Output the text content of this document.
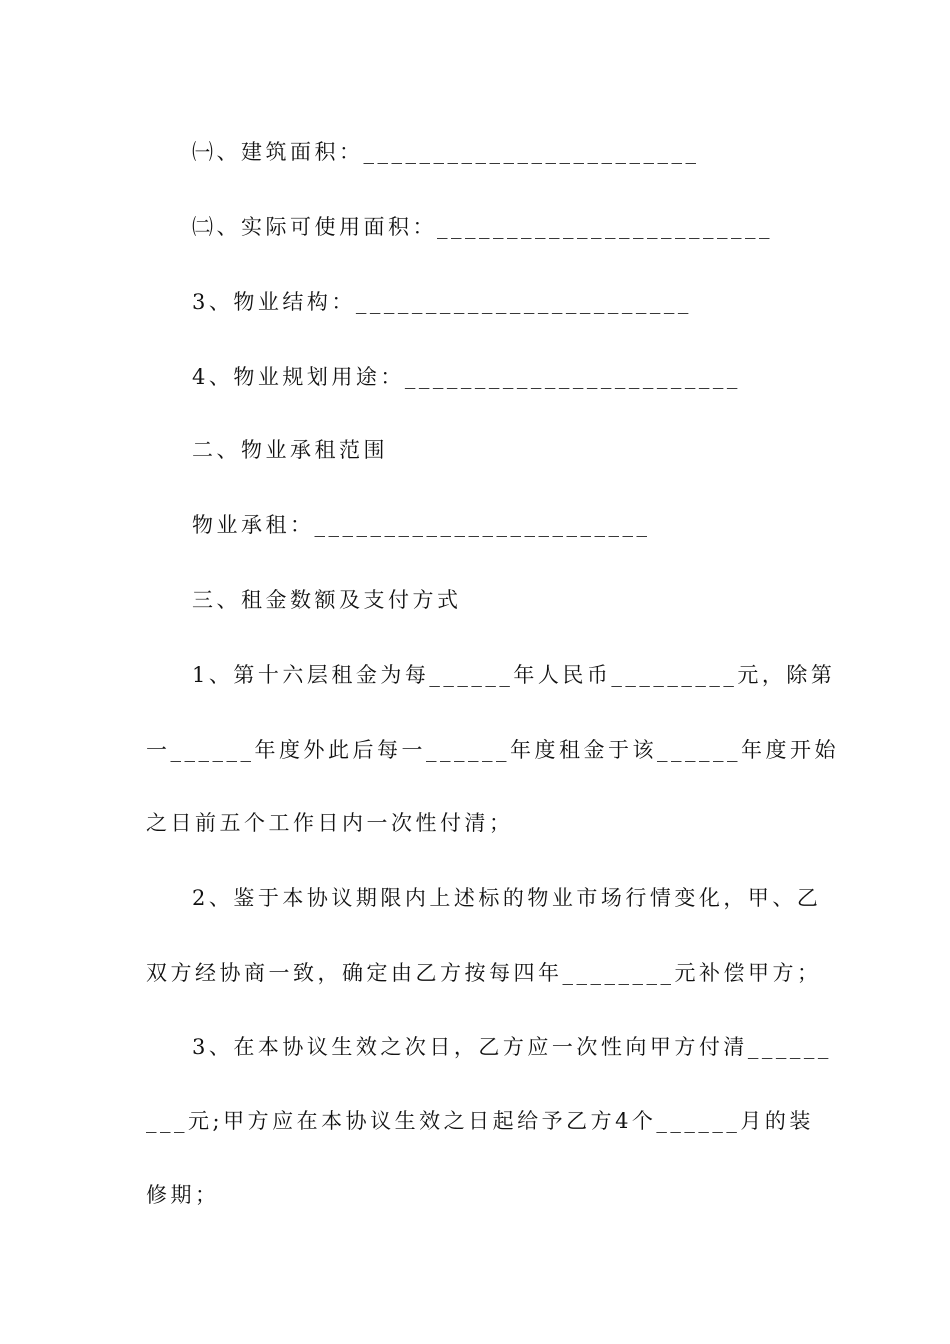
㈠、建筑面积：________________________

㈡、实际可使用面积：________________________

3、物业结构：________________________

4、物业规划用途：________________________

二、物业承租范围

物业承租：________________________

三、租金数额及支付方式

1、第十六层租金为每______年人民币_________元，除第

一______年度外此后每一______年度租金于该______年度开始

之日前五个工作日内一次性付清；

2、鉴于本协议期限内上述标的物业市场行情变化，甲、乙

双方经协商一致，确定由乙方按每四年________元补偿甲方；

3、在本协议生效之次日，乙方应一次性向甲方付清______

___元;甲方应在本协议生效之日起给予乙方4个______月的装

修期；
